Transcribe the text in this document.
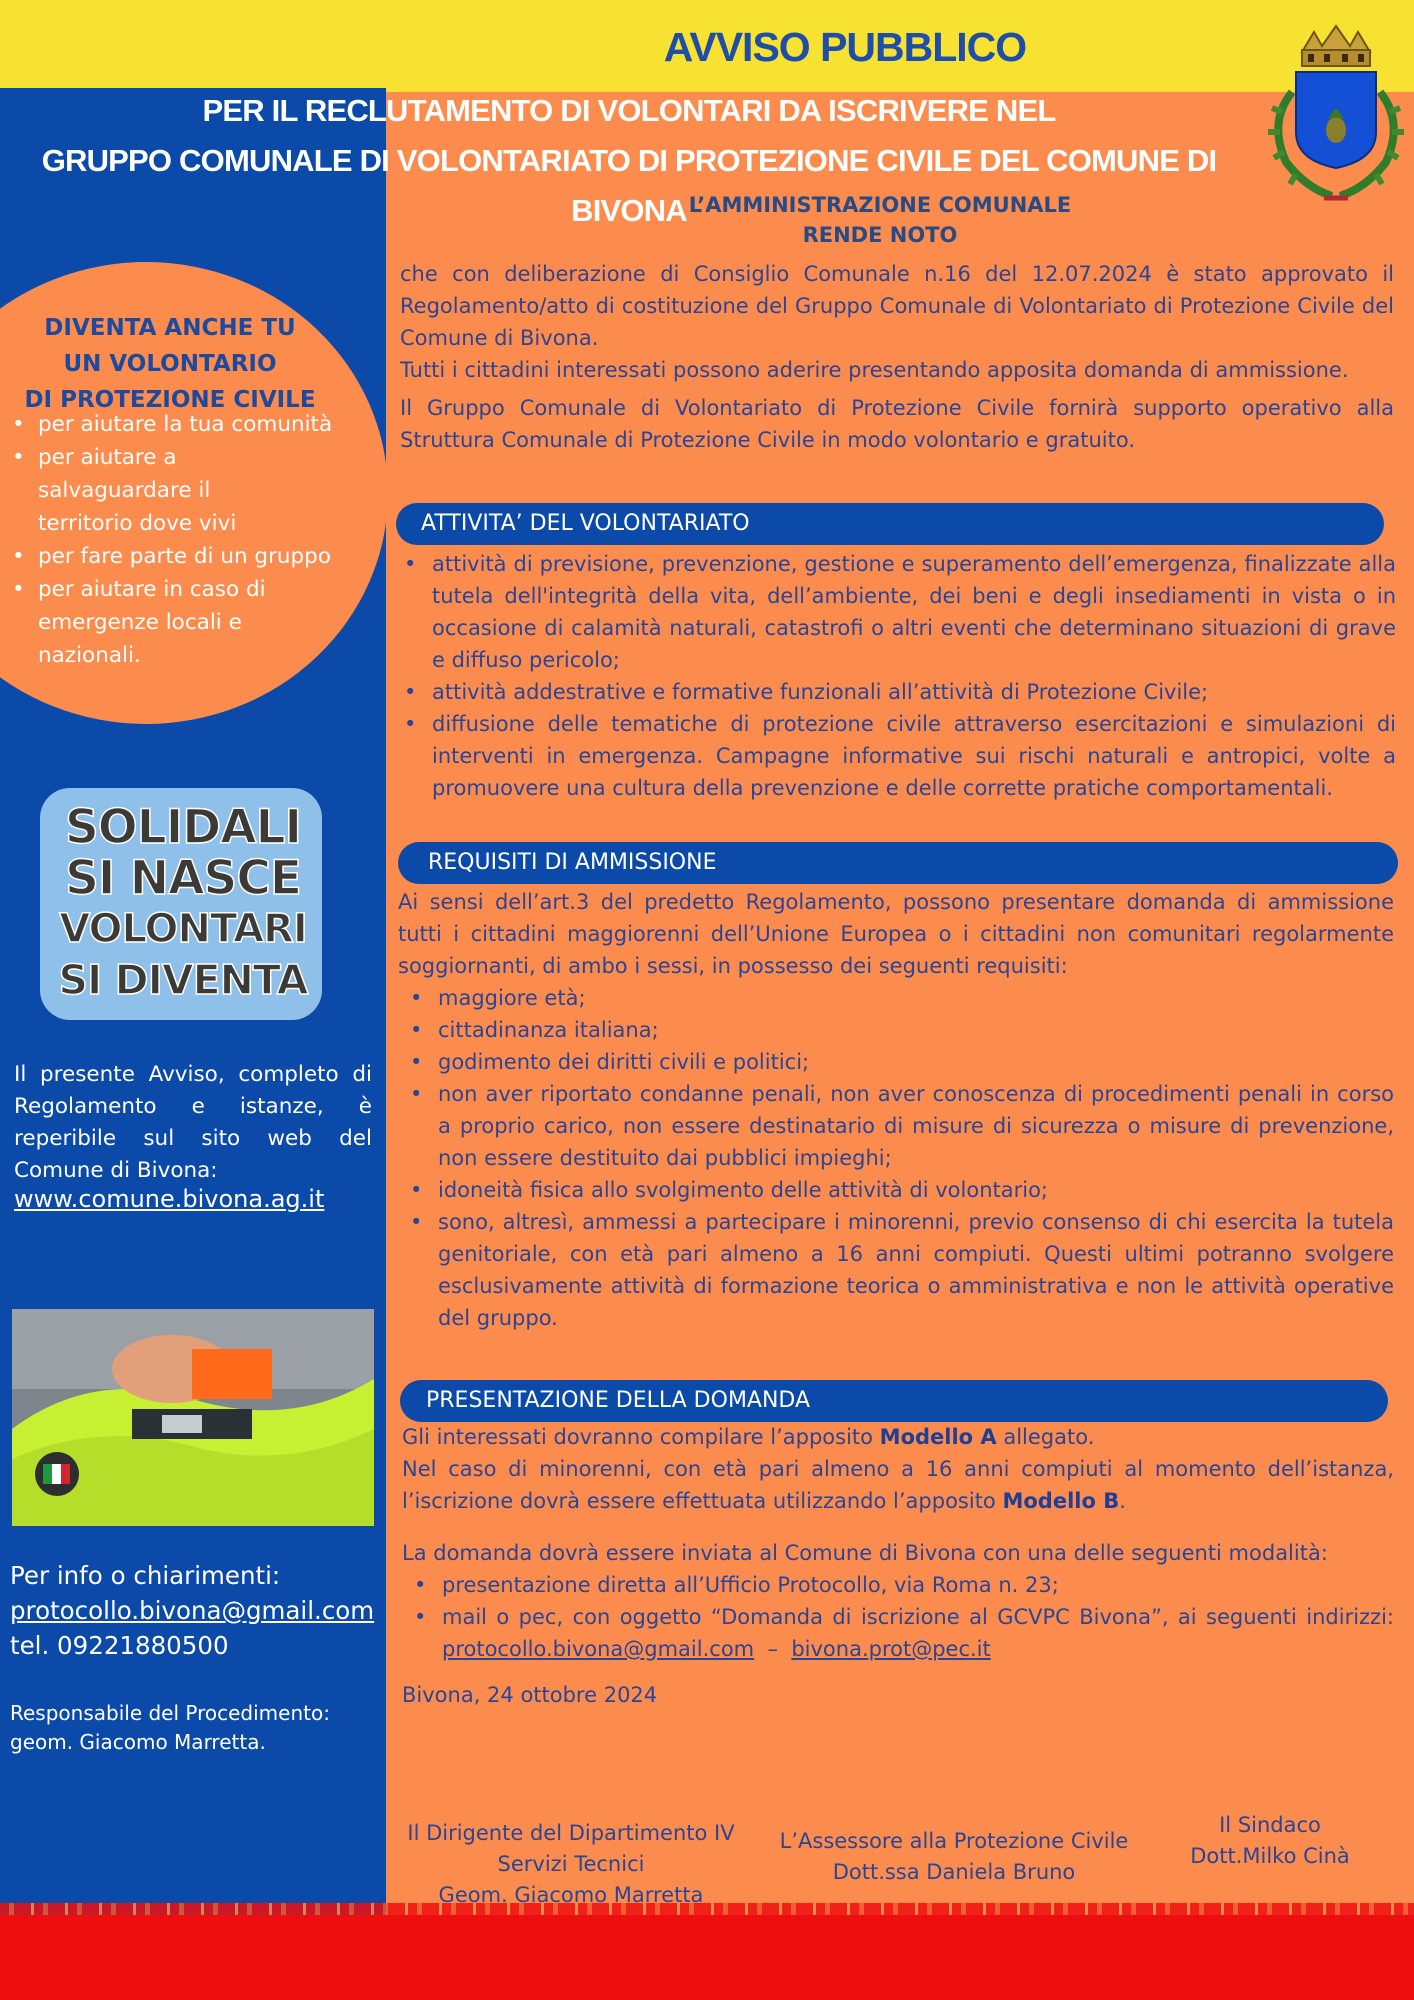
AVVISO PUBBLICO
PER IL RECLUTAMENTO DI VOLONTARI DA ISCRIVERE NEL
GRUPPO COMUNALE DI VOLONTARIATO DI PROTEZIONE CIVILE DEL COMUNE DI BIVONA L’AMMINISTRAZIONE COMUNALE
RENDE NOTO

che con deliberazione di Consiglio Comunale n.16 del 12.07.2024 è stato approvato il Regolamento/atto di costituzione del Gruppo Comunale di Volontariato di Protezione Civile del Comune di Bivona.

Tutti i cittadini interessati possono aderire presentando apposita domanda di ammissione.

Il Gruppo Comunale di Volontariato di Protezione Civile fornirà supporto operativo alla Struttura Comunale di Protezione Civile in modo volontario e gratuito.

ATTIVITA’ DEL VOLONTARIATO
• attività di previsione, prevenzione, gestione e superamento dell’emergenza, finalizzate alla tutela dell'integrità della vita, dell’ambiente, dei beni e degli insediamenti in vista o in occasione di calamità naturali, catastrofi o altri eventi che determinano situazioni di grave e diffuso pericolo;
• attività addestrative e formative funzionali all’attività di Protezione Civile;
• diffusione delle tematiche di protezione civile attraverso esercitazioni e simulazioni di interventi in emergenza. Campagne informative sui rischi naturali e antropici, volte a promuovere una cultura della prevenzione e delle corrette pratiche comportamentali.
REQUISITI DI AMMISSIONE

Ai sensi dell’art.3 del predetto Regolamento, possono presentare domanda di ammissione tutti i cittadini maggiorenni dell’Unione Europea o i cittadini non comunitari regolarmente soggiornanti, di ambo i sessi, in possesso dei seguenti requisiti:

• maggiore età;
• cittadinanza italiana;
• godimento dei diritti civili e politici;
• non aver riportato condanne penali, non aver conoscenza di procedimenti penali in corso a proprio carico, non essere destinatario di misure di sicurezza o misure di prevenzione, non essere destituito dai pubblici impieghi;
• idoneità fisica allo svolgimento delle attività di volontario;
• sono, altresì, ammessi a partecipare i minorenni, previo consenso di chi esercita la tutela genitoriale, con età pari almeno a 16 anni compiuti. Questi ultimi potranno svolgere esclusivamente attività di formazione teorica o amministrativa e non le attività operative del gruppo.
PRESENTAZIONE DELLA DOMANDA

Gli interessati dovranno compilare l’apposito Modello A allegato.

Nel caso di minorenni, con età pari almeno a 16 anni compiuti al momento dell’istanza, l’iscrizione dovrà essere effettuata utilizzando l’apposito Modello B.

La domanda dovrà essere inviata al Comune di Bivona con una delle seguenti modalità:

• presentazione diretta all’Ufficio Protocollo, via Roma n. 23;
• mail o pec, con oggetto “Domanda di iscrizione al GCVPC Bivona”, ai seguenti indirizzi: protocollo.bivona@gmail.com  –  bivona.prot@pec.it

Bivona, 24 ottobre 2024

DIVENTA ANCHE TU
UN VOLONTARIO
DI PROTEZIONE CIVILE
• per aiutare la tua comunità
• per aiutare a salvaguardare il territorio dove vivi
• per fare parte di un gruppo
• per aiutare in caso di emergenze locali e nazionali.
SOLIDALI
SI NASCE
VOLONTARI
SI DIVENTA
Il presente Avviso, completo di Regolamento e istanze, è reperibile sul sito web del Comune di Bivona:
www.comune.bivona.ag.it
Per info o chiarimenti:
protocollo.bivona@gmail.com
tel. 09221880500
Responsabile del Procedimento:
geom. Giacomo Marretta.
Il Dirigente del Dipartimento IV
Servizi Tecnici
Geom. Giacomo Marretta
L’Assessore alla Protezione Civile
Dott.ssa Daniela Bruno
Il Sindaco
Dott.Milko Cinà
